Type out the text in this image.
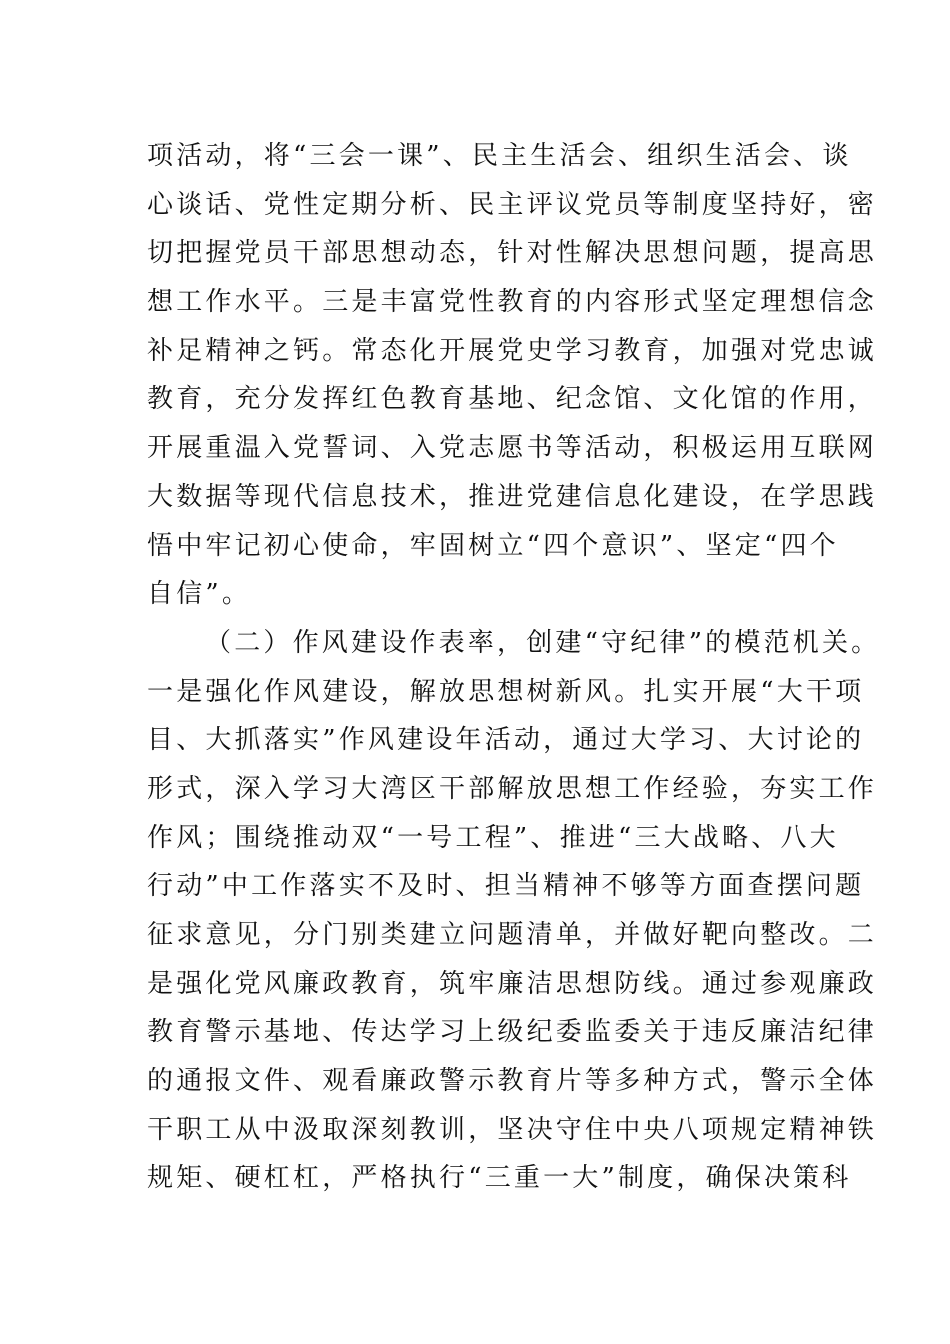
项活动，将“三会一课”、民主生活会、组织生活会、谈
心谈话、党性定期分析、民主评议党员等制度坚持好，密
切把握党员干部思想动态，针对性解决思想问题，提高思
想工作水平。三是丰富党性教育的内容形式坚定理想信念
补足精神之钙。常态化开展党史学习教育，加强对党忠诚
教育，充分发挥红色教育基地、纪念馆、文化馆的作用，
开展重温入党誓词、入党志愿书等活动，积极运用互联网
大数据等现代信息技术，推进党建信息化建设，在学思践
悟中牢记初心使命，牢固树立“四个意识”、坚定“四个
自信”。
（二）作风建设作表率，创建“守纪律”的模范机关。
一是强化作风建设，解放思想树新风。扎实开展“大干项
目、大抓落实”作风建设年活动，通过大学习、大讨论的
形式，深入学习大湾区干部解放思想工作经验，夯实工作
作风；围绕推动双“一号工程”、推进“三大战略、八大
行动”中工作落实不及时、担当精神不够等方面查摆问题
征求意见，分门别类建立问题清单，并做好靶向整改。二
是强化党风廉政教育，筑牢廉洁思想防线。通过参观廉政
教育警示基地、传达学习上级纪委监委关于违反廉洁纪律
的通报文件、观看廉政警示教育片等多种方式，警示全体
干职工从中汲取深刻教训，坚决守住中央八项规定精神铁
规矩、硬杠杠，严格执行“三重一大”制度，确保决策科
